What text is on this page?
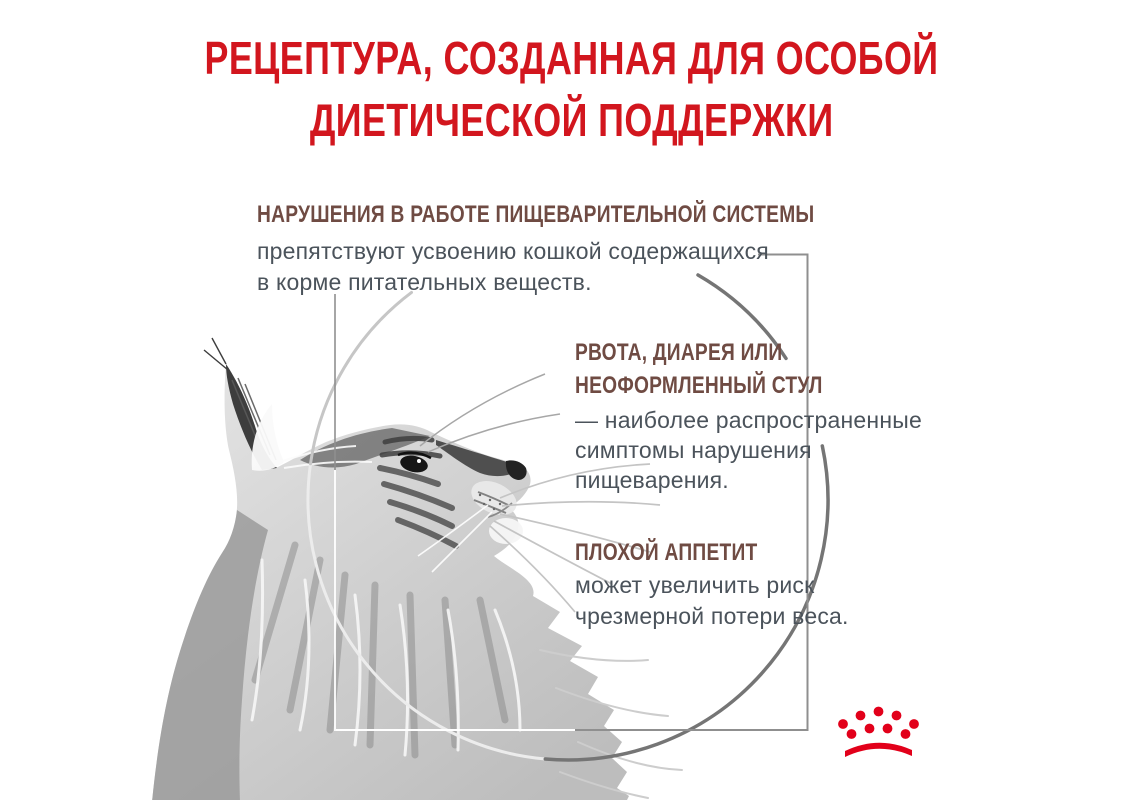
РЕЦЕПТУРА, СОЗДАННАЯ ДЛЯ ОСОБОЙ
ДИЕТИЧЕСКОЙ ПОДДЕРЖКИ
НАРУШЕНИЯ В РАБОТЕ ПИЩЕВАРИТЕЛЬНОЙ СИСТЕМЫ
препятствуют усвоению кошкой содержащихся
в корме питательных веществ.
РВОТА, ДИАРЕЯ ИЛИ
НЕОФОРМЛЕННЫЙ СТУЛ
— наиболее распространенные
симптомы нарушения
пищеварения.
ПЛОХОЙ АППЕТИТ
может увеличить риск
чрезмерной потери веса.
